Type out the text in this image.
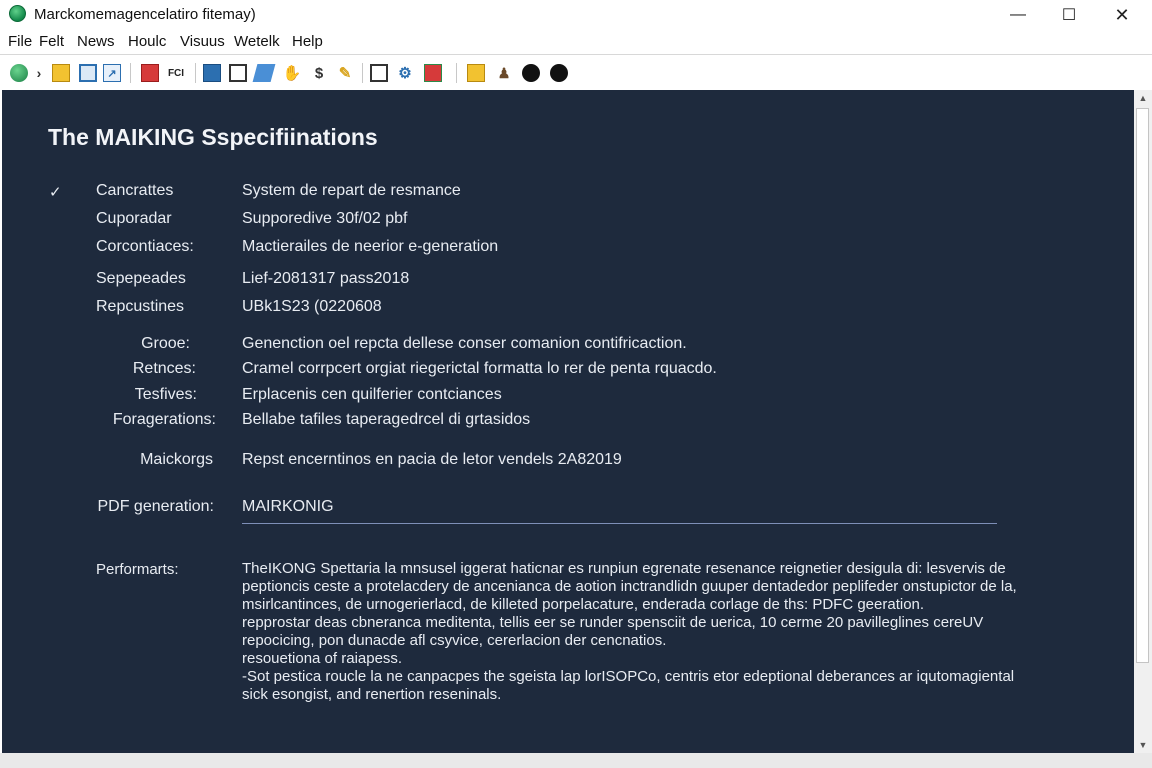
Marckomemagencelatiro fitemay)	—	☐	✕
File Felt News Houlc Visuus Wetelk Help
›	↗	FCI	✋ $	✎	⚙	♟
The MAIKING Sspecifiinations
✓ Cancrattes	System de repart de resmance
Cuporadar	Supporedive 30f/02 pbf
Corcontiaces:	Mactierailes de neerior e-generation
Sepepeades	Lief-2081317 pass2018
Repcustines	UBk1S23 (0220608
Grooe:	Genenction oel repcta dellese conser comanion contifricaction.
Retnces:	Cramel corrpcert orgiat riegerictal formatta lo rer de penta rquacdo.
Tesfives:	Erplacenis cen quilferier contciances
Foragerations: Bellabe tafiles taperagedrcel di grtasidos
Maickorgs Repst encerntinos en pacia de letor vendels 2A82019
PDF generation: MAIRKONIG
Performarts:	TheIKONG Spettaria la mnsusel iggerat haticnar es runpiun egrenate resenance reignetier desigula di: lesvervis de
peptioncis ceste a protelacdery de ancenianca de aotion inctrandlidn guuper dentadedor peplifeder onstupictor de la,
msirlcantinces, de urnogerierlacd, de killeted porpelacature, enderada corlage de ths: PDFC geeration.
repprostar deas cbneranca meditenta, tellis eer se runder spensciit de uerica, 10 cerme 20 pavilleglines cereUV
repocicing, pon dunacde afl csyvice, cererlacion der cencnatios.
resouetiona of raiapess.
-Sot pestica roucle la ne canpacpes the sgeista lap lorISOPCo, centris etor edeptional deberances ar iqutomagiental
sick esongist, and renertion reseninals.
▲
▼
